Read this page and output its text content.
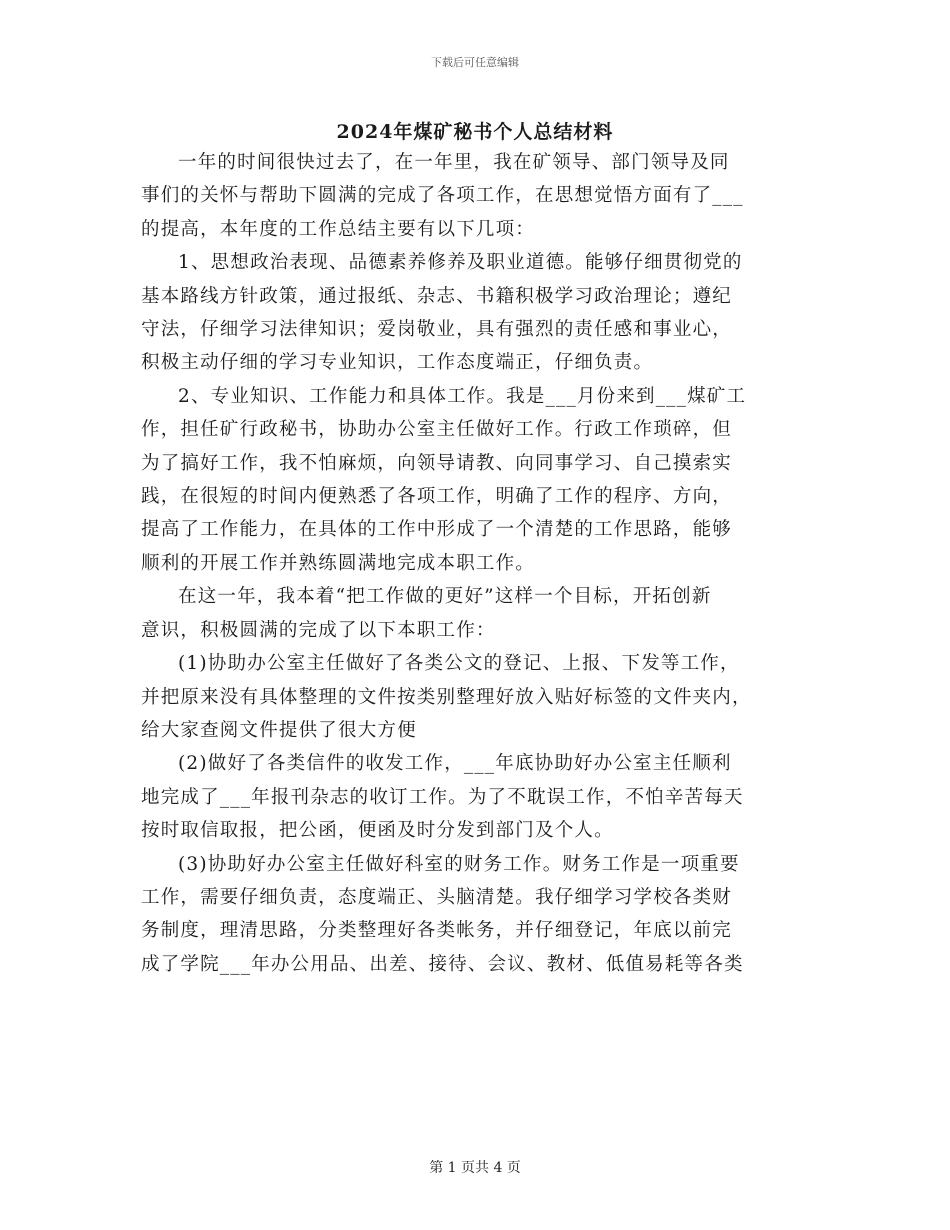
下载后可任意编辑
2024年煤矿秘书个人总结材料

一年的时间很快过去了，在一年里，我在矿领导、部门领导及同
事们的关怀与帮助下圆满的完成了各项工作，在思想觉悟方面有了___
的提高，本年度的工作总结主要有以下几项：

1、思想政治表现、品德素养修养及职业道德。能够仔细贯彻党的
基本路线方针政策，通过报纸、杂志、书籍积极学习政治理论；遵纪
守法，仔细学习法律知识；爱岗敬业，具有强烈的责任感和事业心，
积极主动仔细的学习专业知识，工作态度端正，仔细负责。

2、专业知识、工作能力和具体工作。我是___月份来到___煤矿工
作，担任矿行政秘书，协助办公室主任做好工作。行政工作琐碎，但
为了搞好工作，我不怕麻烦，向领导请教、向同事学习、自己摸索实
践，在很短的时间内便熟悉了各项工作，明确了工作的程序、方向，
提高了工作能力，在具体的工作中形成了一个清楚的工作思路，能够
顺利的开展工作并熟练圆满地完成本职工作。

在这一年，我本着“把工作做的更好”这样一个目标，开拓创新
意识，积极圆满的完成了以下本职工作：

(1)协助办公室主任做好了各类公文的登记、上报、下发等工作，
并把原来没有具体整理的文件按类别整理好放入贴好标签的文件夹内，
给大家查阅文件提供了很大方便

(2)做好了各类信件的收发工作，___年底协助好办公室主任顺利
地完成了___年报刊杂志的收订工作。为了不耽误工作，不怕辛苦每天
按时取信取报，把公函，便函及时分发到部门及个人。

(3)协助好办公室主任做好科室的财务工作。财务工作是一项重要
工作，需要仔细负责，态度端正、头脑清楚。我仔细学习学校各类财
务制度，理清思路，分类整理好各类帐务，并仔细登记，年底以前完
成了学院___年办公用品、出差、接待、会议、教材、低值易耗等各类

第 1 页共 4 页
